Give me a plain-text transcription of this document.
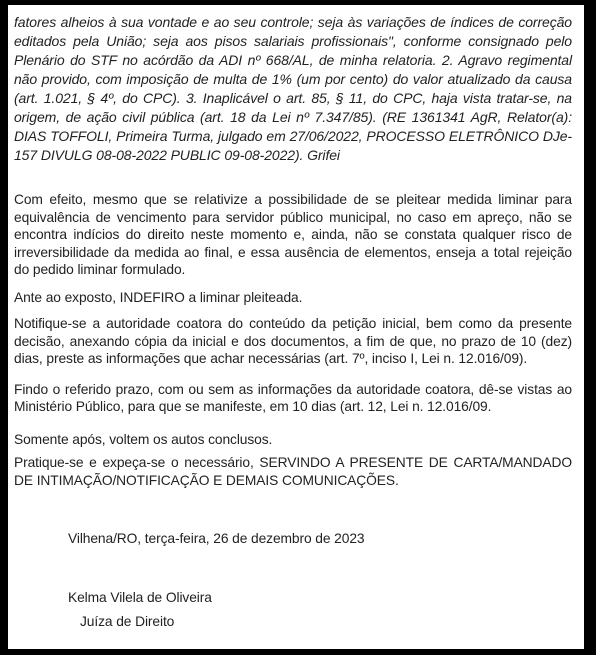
fatores alheios à sua vontade e ao seu controle; seja às variações de índices de correção editados pela União; seja aos pisos salariais profissionais", conforme consignado pelo Plenário do STF no acórdão da ADI nº 668/AL, de minha relatoria. 2. Agravo regimental não provido, com imposição de multa de 1% (um por cento) do valor atualizado da causa (art. 1.021, § 4º, do CPC). 3. Inaplicável o art. 85, § 11, do CPC, haja vista tratar-se, na origem, de ação civil pública (art. 18 da Lei nº 7.347/85). (RE 1361341 AgR, Relator(a): DIAS TOFFOLI, Primeira Turma, julgado em 27/06/2022, PROCESSO ELETRÔNICO DJe-157 DIVULG 08-08-2022 PUBLIC 09-08-2022). Grifei

Com efeito, mesmo que se relativize a possibilidade de se pleitear medida liminar para equivalência de vencimento para servidor público municipal, no caso em apreço, não se encontra indícios do direito neste momento e, ainda, não se constata qualquer risco de irreversibilidade da medida ao final, e essa ausência de elementos, enseja a total rejeição do pedido liminar formulado.

Ante ao exposto, INDEFIRO a liminar pleiteada.

Notifique-se a autoridade coatora do conteúdo da petição inicial, bem como da presente decisão, anexando cópia da inicial e dos documentos, a fim de que, no prazo de 10 (dez) dias, preste as informações que achar necessárias (art. 7º, inciso I, Lei n. 12.016/09).

Findo o referido prazo, com ou sem as informações da autoridade coatora, dê-se vistas ao Ministério Público, para que se manifeste, em 10 dias (art. 12, Lei n. 12.016/09.

Somente após, voltem os autos conclusos.

Pratique-se e expeça-se o necessário, SERVINDO A PRESENTE DE CARTA/MANDADO DE INTIMAÇÃO/NOTIFICAÇÃO E DEMAIS COMUNICAÇÕES.

Vilhena/RO, terça-feira, 26 de dezembro de 2023

Kelma Vilela de Oliveira

Juíza de Direito
